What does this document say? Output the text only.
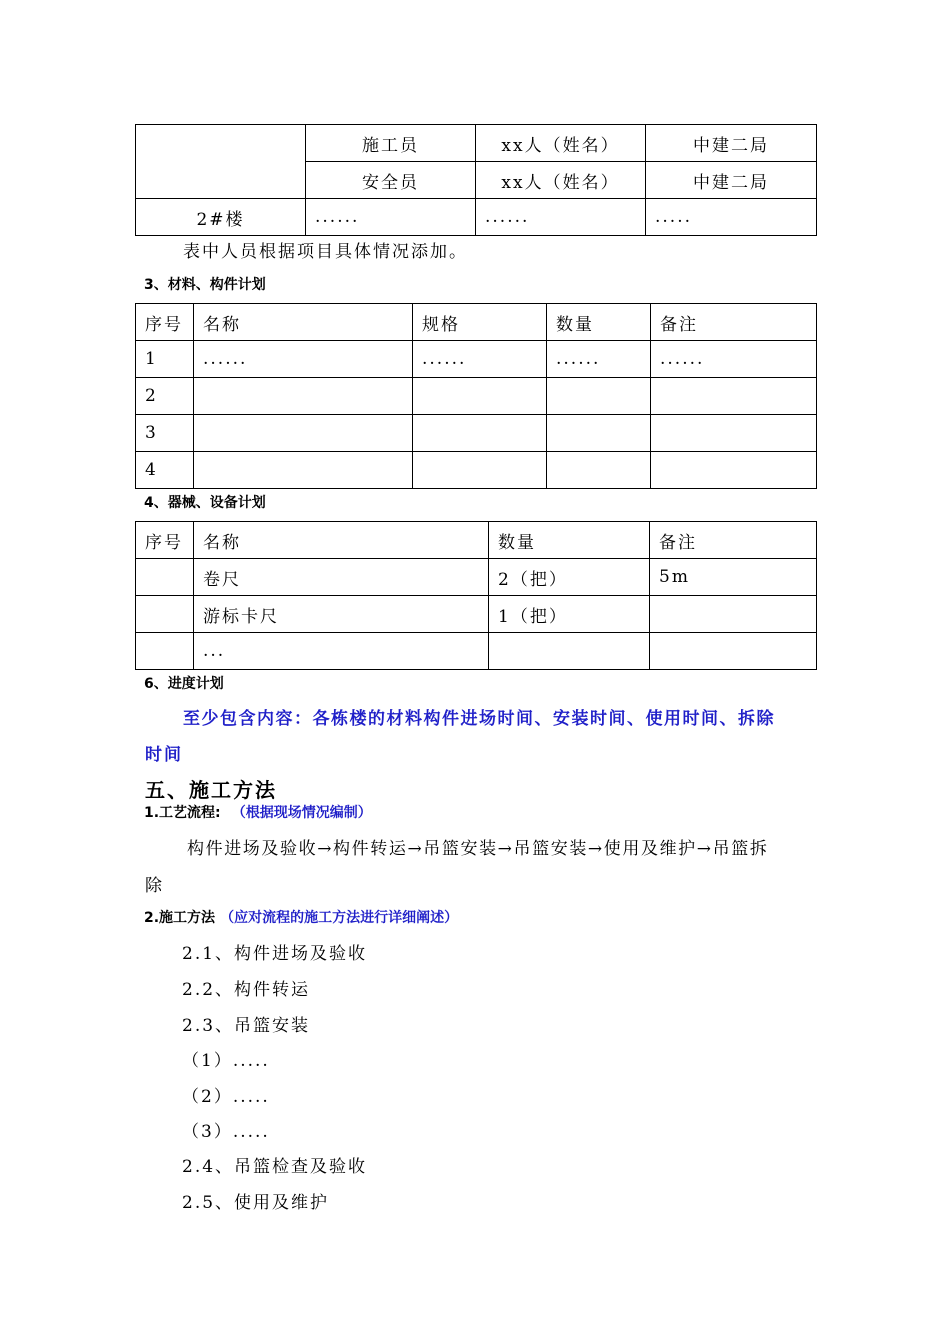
	施工员	xx人（姓名）	中建二局
	安全员	xx人（姓名）	中建二局
2#楼	......	......	.....
表中人员根据项目具体情况添加。
3、材料、构件计划
序号	名称	规格	数量	备注
1	......	......	......	......
2				
3				
4				
4、器械、设备计划
序号	名称	数量	备注
	卷尺	2（把）	5m
	游标卡尺	1（把）	
	...		
6、进度计划
至少包含内容：各栋楼的材料构件进场时间、安装时间、使用时间、拆除
时间
五、施工方法
1.工艺流程: （根据现场情况编制）
构件进场及验收→构件转运→吊篮安装→吊篮安装→使用及维护→吊篮拆
除
2.施工方法 （应对流程的施工方法进行详细阐述）
2.1、构件进场及验收
2.2、构件转运
2.3、吊篮安装
（1）.....
（2）.....
（3）.....
2.4、吊篮检查及验收
2.5、使用及维护
